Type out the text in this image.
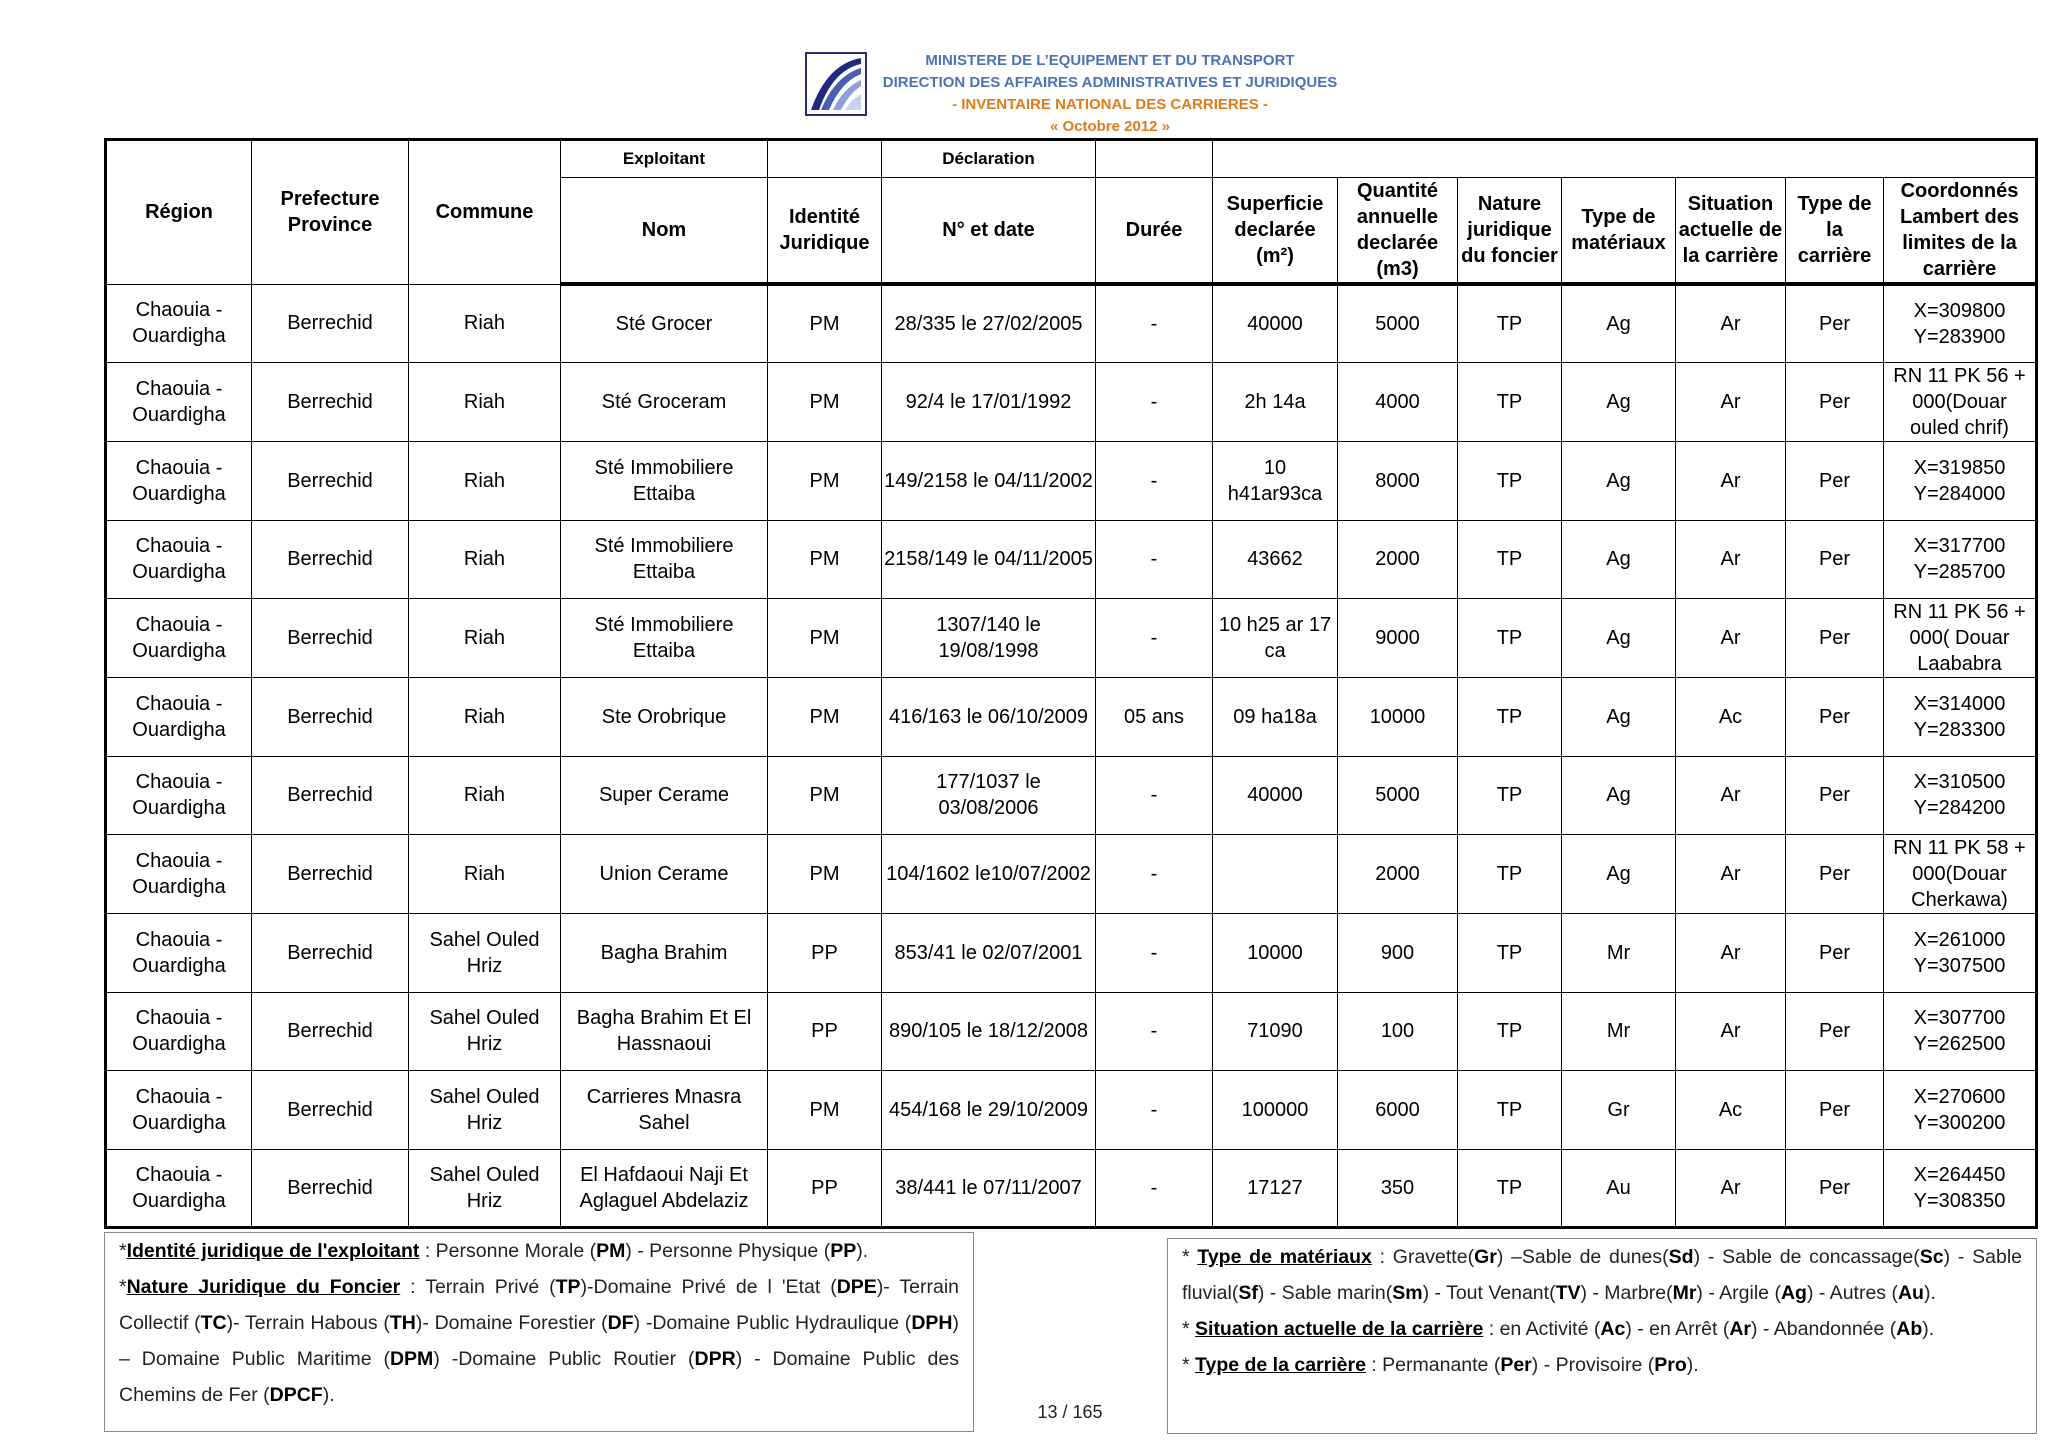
MINISTERE DE L’EQUIPEMENT ET DU TRANSPORT
DIRECTION DES AFFAIRES ADMINISTRATIVES ET JURIDIQUES
- INVENTAIRE NATIONAL DES CARRIERES -
« Octobre 2012 »
Région	Prefecture Province	Commune	Exploitant		Déclaration								
			Nom	Identité Juridique	N° et date	Durée	Superficie declarée (m²)	Quantité annuelle declarée (m3)	Nature juridique du foncier	Type de matériaux	Situation actuelle de la carrière	Type de la carrière	Coordonnés Lambert des limites de la carrière
Chaouia - Ouardigha	Berrechid	Riah	Sté Grocer	PM	28/335 le 27/02/2005	-	40000	5000	TP	Ag	Ar	Per	X=309800 Y=283900
Chaouia - Ouardigha	Berrechid	Riah	Sté Groceram	PM	92/4 le 17/01/1992	-	2h 14a	4000	TP	Ag	Ar	Per	RN 11 PK 56 + 000(Douar ouled chrif)
Chaouia - Ouardigha	Berrechid	Riah	Sté Immobiliere Ettaiba	PM	149/2158 le 04/11/2002	-	10 h41ar93ca	8000	TP	Ag	Ar	Per	X=319850 Y=284000
Chaouia - Ouardigha	Berrechid	Riah	Sté Immobiliere Ettaiba	PM	2158/149 le 04/11/2005	-	43662	2000	TP	Ag	Ar	Per	X=317700 Y=285700
Chaouia - Ouardigha	Berrechid	Riah	Sté Immobiliere Ettaiba	PM	1307/140 le 19/08/1998	-	10 h25 ar 17 ca	9000	TP	Ag	Ar	Per	RN 11 PK 56 + 000( Douar Laababra
Chaouia - Ouardigha	Berrechid	Riah	Ste Orobrique	PM	416/163 le 06/10/2009	05 ans	09 ha18a	10000	TP	Ag	Ac	Per	X=314000 Y=283300
Chaouia - Ouardigha	Berrechid	Riah	Super Cerame	PM	177/1037 le 03/08/2006	-	40000	5000	TP	Ag	Ar	Per	X=310500 Y=284200
Chaouia - Ouardigha	Berrechid	Riah	Union Cerame	PM	104/1602 le10/07/2002	-		2000	TP	Ag	Ar	Per	RN 11 PK 58 + 000(Douar Cherkawa)
Chaouia - Ouardigha	Berrechid	Sahel Ouled Hriz	Bagha Brahim	PP	853/41 le 02/07/2001	-	10000	900	TP	Mr	Ar	Per	X=261000 Y=307500
Chaouia - Ouardigha	Berrechid	Sahel Ouled Hriz	Bagha Brahim Et El Hassnaoui	PP	890/105 le 18/12/2008	-	71090	100	TP	Mr	Ar	Per	X=307700 Y=262500
Chaouia - Ouardigha	Berrechid	Sahel Ouled Hriz	Carrieres Mnasra Sahel	PM	454/168 le 29/10/2009	-	100000	6000	TP	Gr	Ac	Per	X=270600 Y=300200
Chaouia - Ouardigha	Berrechid	Sahel Ouled Hriz	El Hafdaoui Naji Et Aglaguel Abdelaziz	PP	38/441 le 07/11/2007	-	17127	350	TP	Au	Ar	Per	X=264450 Y=308350
*Identité juridique de l'exploitant : Personne Morale (PM) - Personne Physique (PP).
*Nature Juridique du Foncier : Terrain Privé (TP)-Domaine Privé de l 'Etat (DPE)- Terrain Collectif (TC)- Terrain Habous (TH)- Domaine Forestier (DF) -Domaine Public Hydraulique (DPH) – Domaine Public Maritime (DPM) -Domaine Public Routier (DPR) - Domaine Public des Chemins de Fer (DPCF).
* Type de matériaux : Gravette(Gr) –Sable de dunes(Sd) - Sable de concassage(Sc) - Sable fluvial(Sf) - Sable marin(Sm) - Tout Venant(TV) - Marbre(Mr) - Argile (Ag) - Autres (Au).
* Situation actuelle de la carrière : en Activité (Ac) - en Arrêt (Ar) - Abandonnée (Ab).
* Type de la carrière : Permanante (Per) - Provisoire (Pro).
13 / 165
